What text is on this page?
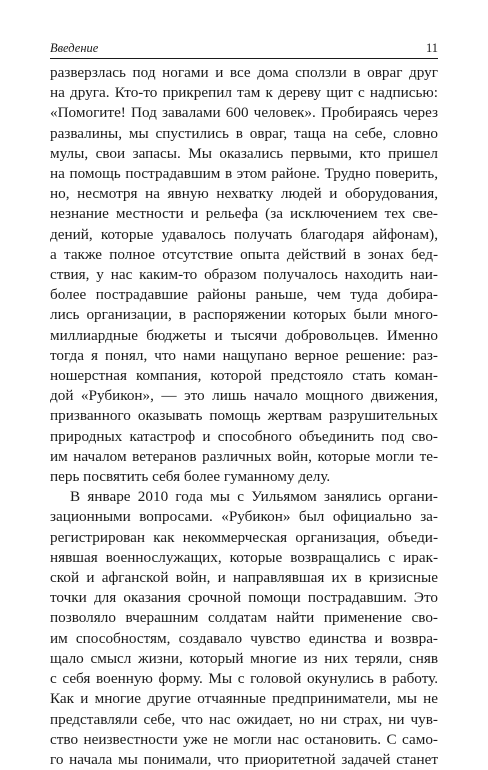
Введение	11
разверзлась под ногами и все дома сползли в овраг друг
на друга. Кто-то прикрепил там к дереву щит с надписью:
«Помогите! Под завалами 600 человек». Пробираясь через
развалины, мы спустились в овраг, таща на себе, словно
мулы, свои запасы. Мы оказались первыми, кто пришел
на помощь пострадавшим в этом районе. Трудно поверить,
но, несмотря на явную нехватку людей и оборудования,
незнание местности и рельефа (за исключением тех све-
дений, которые удавалось получать благодаря айфонам),
а также полное отсутствие опыта действий в зонах бед-
ствия, у нас каким-то образом получалось находить наи-
более пострадавшие районы раньше, чем туда добира-
лись организации, в распоряжении которых были много-
миллиардные бюджеты и тысячи добровольцев. Именно
тогда я понял, что нами нащупано верное решение: раз-
ношерстная компания, которой предстояло стать коман-
дой «Рубикон», — это лишь начало мощного движения,
призванного оказывать помощь жертвам разрушительных
природных катастроф и способного объединить под сво-
им началом ветеранов различных войн, которые могли те-
перь посвятить себя более гуманному делу.
В январе 2010 года мы с Уильямом занялись органи-
зационными вопросами. «Рубикон» был официально за-
регистрирован как некоммерческая организация, объеди-
нявшая военнослужащих, которые возвращались с ирак-
ской и афганской войн, и направлявшая их в кризисные
точки для оказания срочной помощи пострадавшим. Это
позволяло вчерашним солдатам найти применение сво-
им способностям, создавало чувство единства и возвра-
щало смысл жизни, который многие из них теряли, сняв
с себя военную форму. Мы с головой окунулись в работу.
Как и многие другие отчаянные предприниматели, мы не
представляли себе, что нас ожидает, но ни страх, ни чув-
ство неизвестности уже не могли нас остановить. С само-
го начала мы понимали, что приоритетной задачей станет
